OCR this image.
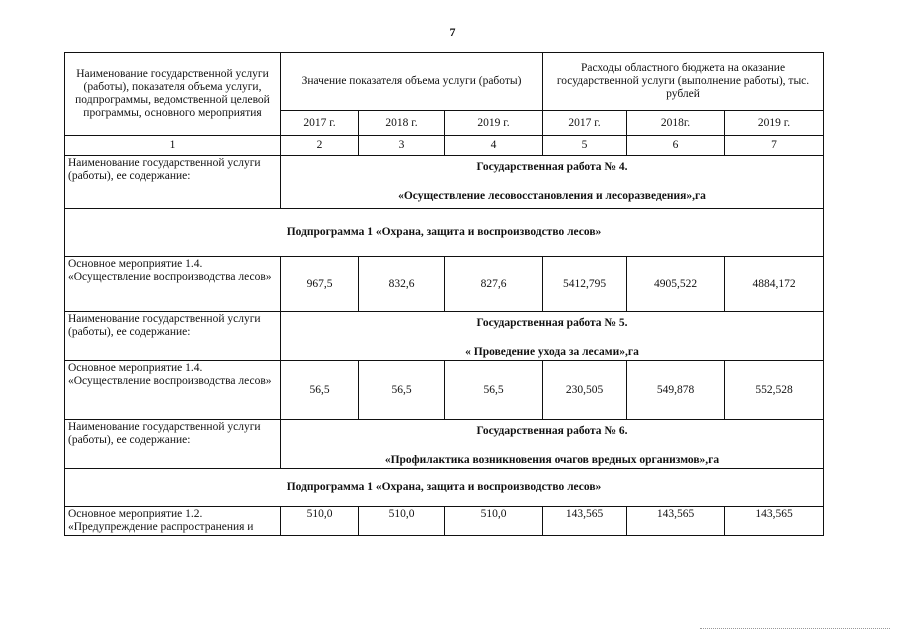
7
Наименование государственной услуги (работы), показателя объема услуги, подпрограммы, ведомственной целевой программы, основного мероприятия	Значение показателя объема услуги (работы)			Расходы областного бюджета на оказание государственной услуги (выполнение работы), тыс. рублей		
	2017 г.	2018 г.	2019 г.	2017 г.	2018г.	2019 г.
1	2	3	4	5	6	7
Наименование государственной услуги (работы), ее содержание:	Государственная работа № 4.
«Осуществление лесовосстановления и лесоразведения»,га					

Подпрограмма 1 «Охрана, защита и воспроизводство лесов»						
Основное мероприятие 1.4. «Осуществление воспроизводства лесов»	967,5	832,6	827,6	5412,795	4905,522	4884,172
Наименование государственной услуги (работы), ее содержание:	Государственная работа № 5.
« Проведение ухода за лесами»,га					

Основное мероприятие 1.4. «Осуществление воспроизводства лесов»	56,5	56,5	56,5	230,505	549,878	552,528
Наименование государственной услуги (работы), ее содержание:	Государственная работа № 6.
«Профилактика возникновения очагов вредных организмов»,га					

Подпрограмма 1 «Охрана, защита и воспроизводство лесов»						
Основное мероприятие 1.2. «Предупреждение распространения и	510,0	510,0	510,0	143,565	143,565	143,565
